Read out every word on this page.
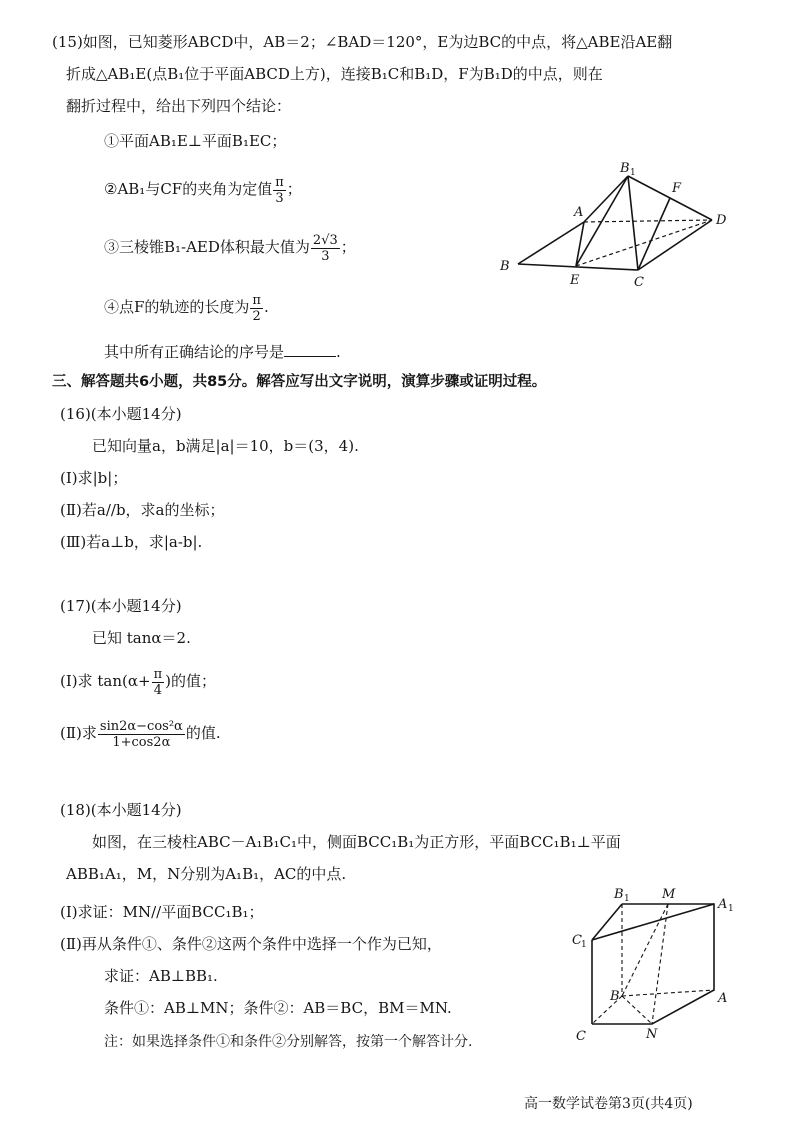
(15)如图，已知菱形ABCD中，AB＝2；∠BAD＝120°，E为边BC的中点，将△ABE沿AE翻
折成△AB₁E(点B₁位于平面ABCD上方)，连接B₁C和B₁D，F为B₁D的中点，则在
翻折过程中，给出下列四个结论：
①平面AB₁E⊥平面B₁EC；
②AB₁与CF的夹角为定值 $\frac{\pi}{3}$ ；
③三棱锥B₁-AED体积最大值为 $\frac{2√3}{3}$ ；
④点F的轨迹的长度为 $\frac{\pi}{2}$ .
其中所有正确结论的序号是	.
B 1
F
A
D
B
E	C
三、解答题共6小题，共85分。解答应写出文字说明，演算步骤或证明过程。
(16)(本小题14分)
已知向量a，b满足|a|＝10，b＝(3，4).
(Ⅰ)求|b|；
(Ⅱ)若a//b，求a的坐标；
(Ⅲ)若a⊥b，求|a-b|.
(17)(本小题14分)
已知 tanα＝2.
(Ⅰ)求 $\tan(\alpha+ \frac{\pi}{4}$ )的值；
(Ⅱ)求 $\frac{\text{sin2α−cos²α}}{1+\cos 2\alpha}$ 的值.
(18)(本小题14分)
如图，在三棱柱ABC－A₁B₁C₁中，侧面BCC₁B₁为正方形，平面BCC₁B₁⊥平面
ABB₁A₁，M，N分别为A₁B₁，AC的中点.
(Ⅰ)求证：MN//平面BCC₁B₁；
(Ⅱ)再从条件①、条件②这两个条件中选择一个作为已知，
求证：AB⊥BB₁.
条件①：AB⊥MN；条件②：AB＝BC，BM＝MN.
注：如果选择条件①和条件②分别解答，按第一个解答计分.
B 1 M
A 1
C 1
B	A
N
C
高一数学试卷第3页(共4页)
